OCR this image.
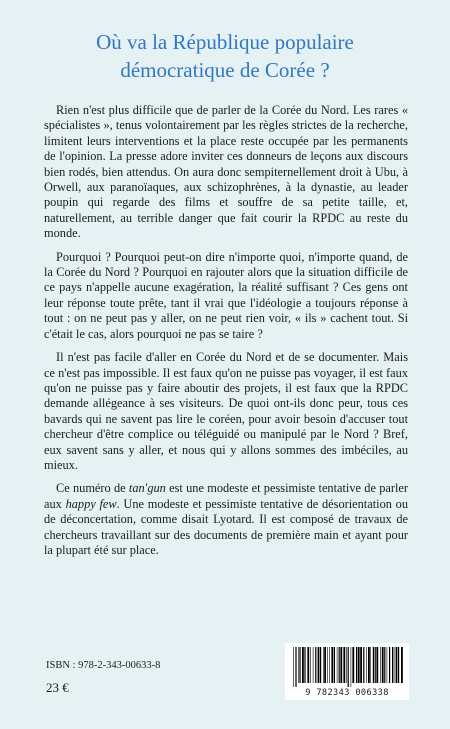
Où va la République populaire
démocratique de Corée ?

Rien n'est plus difficile que de parler de la Corée du Nord. Les rares « spécialistes », tenus volontairement par les règles strictes de la recherche, limitent leurs interventions et la place reste occupée par les permanents de l'opinion. La presse adore inviter ces donneurs de leçons aux discours bien rodés, bien attendus. On aura donc sempiternellement droit à Ubu, à Orwell, aux paranoïaques, aux schizophrènes, à la dynastie, au leader poupin qui regarde des films et souffre de sa petite taille, et, naturellement, au terrible danger que fait courir la RPDC au reste du monde.

Pourquoi ? Pourquoi peut-on dire n'importe quoi, n'importe quand, de la Corée du Nord ? Pourquoi en rajouter alors que la situation difficile de ce pays n'appelle aucune exagération, la réalité suffisant ? Ces gens ont leur réponse toute prête, tant il vrai que l'idéologie a toujours réponse à tout : on ne peut pas y aller, on ne peut rien voir, « ils » cachent tout. Si c'était le cas, alors pourquoi ne pas se taire ?

Il n'est pas facile d'aller en Corée du Nord et de se documenter. Mais ce n'est pas impossible. Il est faux qu'on ne puisse pas voyager, il est faux qu'on ne puisse pas y faire aboutir des projets, il est faux que la RPDC demande allégeance à ses visiteurs. De quoi ont-ils donc peur, tous ces bavards qui ne savent pas lire le coréen, pour avoir besoin d'accuser tout chercheur d'être complice ou téléguidé ou manipulé par le Nord ? Bref, eux savent sans y aller, et nous qui y allons sommes des imbéciles, au mieux.

Ce numéro de tan'gun est une modeste et pessimiste tentative de parler aux happy few. Une modeste et pessimiste tentative de désorientation ou de déconcertation, comme disait Lyotard. Il est composé de travaux de chercheurs travaillant sur des documents de première main et ayant pour la plupart été sur place.

ISBN : 978-2-343-00633-8
23 €	9 782343 006338
